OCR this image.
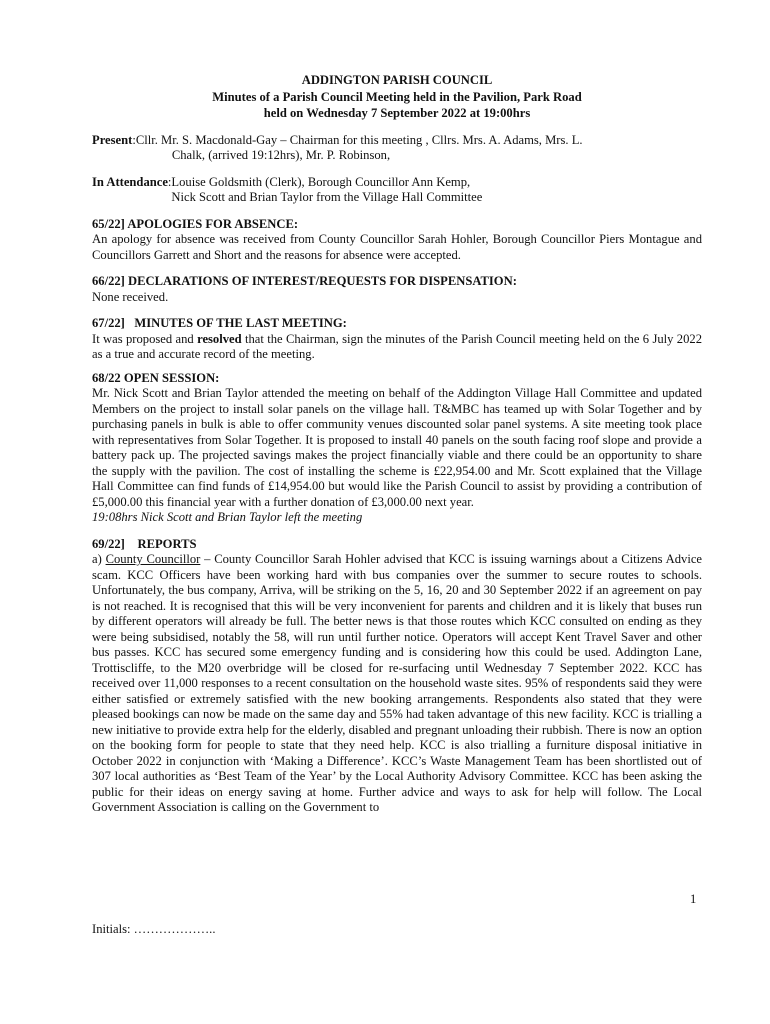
ADDINGTON PARISH COUNCIL
Minutes of a Parish Council Meeting held in the Pavilion, Park Road
held on Wednesday 7 September 2022 at 19:00hrs
Present: Cllr. Mr. S. Macdonald-Gay – Chairman for this meeting , Cllrs. Mrs. A. Adams, Mrs. L.
Chalk, (arrived 19:12hrs), Mr. P. Robinson,
In Attendance: Louise Goldsmith (Clerk), Borough Councillor Ann Kemp,
Nick Scott and Brian Taylor from the Village Hall Committee
65/22] APOLOGIES FOR ABSENCE:

An apology for absence was received from County Councillor Sarah Hohler, Borough Councillor Piers Montague and Councillors Garrett and Short and the reasons for absence were accepted.

66/22] DECLARATIONS OF INTEREST/REQUESTS FOR DISPENSATION:

None received.

67/22]   MINUTES OF THE LAST MEETING:

It was proposed and resolved that the Chairman, sign the minutes of the Parish Council meeting held on the 6 July 2022 as a true and accurate record of the meeting.

68/22 OPEN SESSION:

Mr. Nick Scott and Brian Taylor attended the meeting on behalf of the Addington Village Hall Committee and updated Members on the project to install solar panels on the village hall. T&MBC has teamed up with Solar Together and by purchasing panels in bulk is able to offer community venues discounted solar panel systems. A site meeting took place with representatives from Solar Together. It is proposed to install 40 panels on the south facing roof slope and provide a battery pack up. The projected savings makes the project financially viable and there could be an opportunity to share the supply with the pavilion. The cost of installing the scheme is £22,954.00 and Mr. Scott explained that the Village Hall Committee can find funds of £14,954.00 but would like the Parish Council to assist by providing a contribution of £5,000.00 this financial year with a further donation of £3,000.00 next year.

19:08hrs Nick Scott and Brian Taylor left the meeting

69/22]    REPORTS

a) County Councillor – County Councillor Sarah Hohler advised that KCC is issuing warnings about a Citizens Advice scam. KCC Officers have been working hard with bus companies over the summer to secure routes to schools. Unfortunately, the bus company, Arriva, will be striking on the 5, 16, 20 and 30 September 2022 if an agreement on pay is not reached. It is recognised that this will be very inconvenient for parents and children and it is likely that buses run by different operators will already be full. The better news is that those routes which KCC consulted on ending as they were being subsidised, notably the 58, will run until further notice. Operators will accept Kent Travel Saver and other bus passes. KCC has secured some emergency funding and is considering how this could be used. Addington Lane, Trottiscliffe, to the M20 overbridge will be closed for re-surfacing until Wednesday 7 September 2022. KCC has received over 11,000 responses to a recent consultation on the household waste sites. 95% of respondents said they were either satisfied or extremely satisfied with the new booking arrangements. Respondents also stated that they were pleased bookings can now be made on the same day and 55% had taken advantage of this new facility. KCC is trialling a new initiative to provide extra help for the elderly, disabled and pregnant unloading their rubbish. There is now an option on the booking form for people to state that they need help. KCC is also trialling a furniture disposal initiative in October 2022 in conjunction with ‘Making a Difference’. KCC’s Waste Management Team has been shortlisted out of 307 local authorities as ‘Best Team of the Year’ by the Local Authority Advisory Committee. KCC has been asking the public for their ideas on energy saving at home. Further advice and ways to ask for help will follow. The Local Government Association is calling on the Government to

1
Initials: ………………..
